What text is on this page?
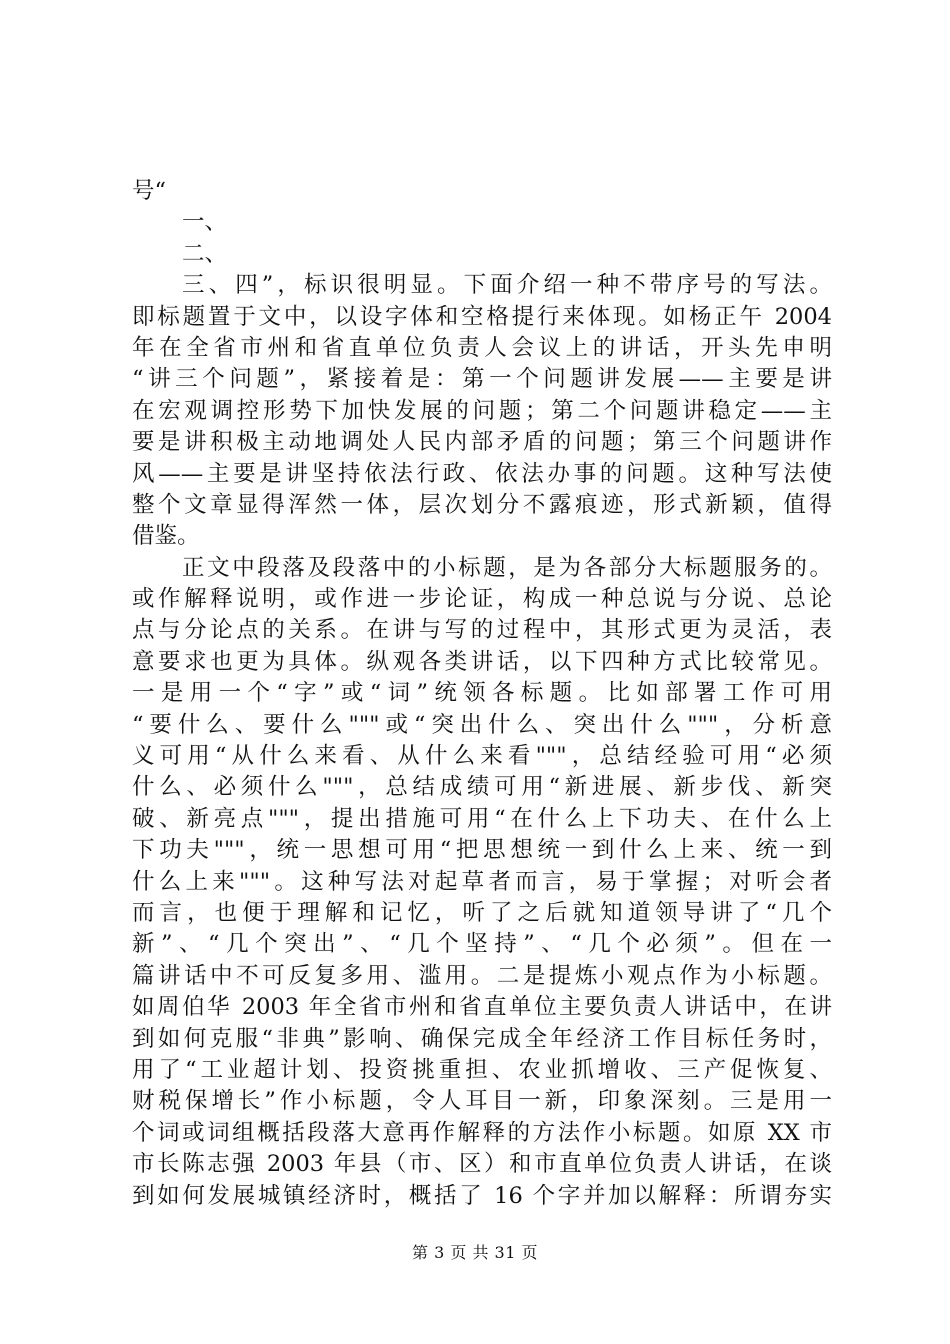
号“
一、
二、
三、四”，标识很明显。下面介绍一种不带序号的写法。
即标题置于文中，以设字体和空格提行来体现。如杨正午 2004
年在全省市州和省直单位负责人会议上的讲话，开头先申明
“讲三个问题”，紧接着是：第一个问题讲发展——主要是讲
在宏观调控形势下加快发展的问题；第二个问题讲稳定——主
要是讲积极主动地调处人民内部矛盾的问题；第三个问题讲作
风——主要是讲坚持依法行政、依法办事的问题。这种写法使
整个文章显得浑然一体，层次划分不露痕迹，形式新颖，值得
借鉴。
正文中段落及段落中的小标题，是为各部分大标题服务的。
或作解释说明，或作进一步论证，构成一种总说与分说、总论
点与分论点的关系。在讲与写的过程中，其形式更为灵活，表
意要求也更为具体。纵观各类讲话，以下四种方式比较常见。
一是用一个“字”或“词”统领各标题。比如部署工作可用
“要什么、要什么"""或“突出什么、突出什么"""，分析意
义可用“从什么来看、从什么来看"""，总结经验可用“必须
什么、必须什么"""，总结成绩可用“新进展、新步伐、新突
破、新亮点"""，提出措施可用“在什么上下功夫、在什么上
下功夫"""，统一思想可用“把思想统一到什么上来、统一到
什么上来"""。这种写法对起草者而言，易于掌握；对听会者
而言，也便于理解和记忆，听了之后就知道领导讲了“几个
新”、“几个突出”、“几个坚持”、“几个必须”。但在一
篇讲话中不可反复多用、滥用。二是提炼小观点作为小标题。
如周伯华 2003 年全省市州和省直单位主要负责人讲话中，在讲
到如何克服“非典”影响、确保完成全年经济工作目标任务时，
用了“工业超计划、投资挑重担、农业抓增收、三产促恢复、
财税保增长”作小标题，令人耳目一新，印象深刻。三是用一
个词或词组概括段落大意再作解释的方法作小标题。如原 XX 市
市长陈志强 2003 年县（市、区）和市直单位负责人讲话，在谈
到如何发展城镇经济时，概括了 16 个字并加以解释：所谓夯实
第 3 页 共 31 页
